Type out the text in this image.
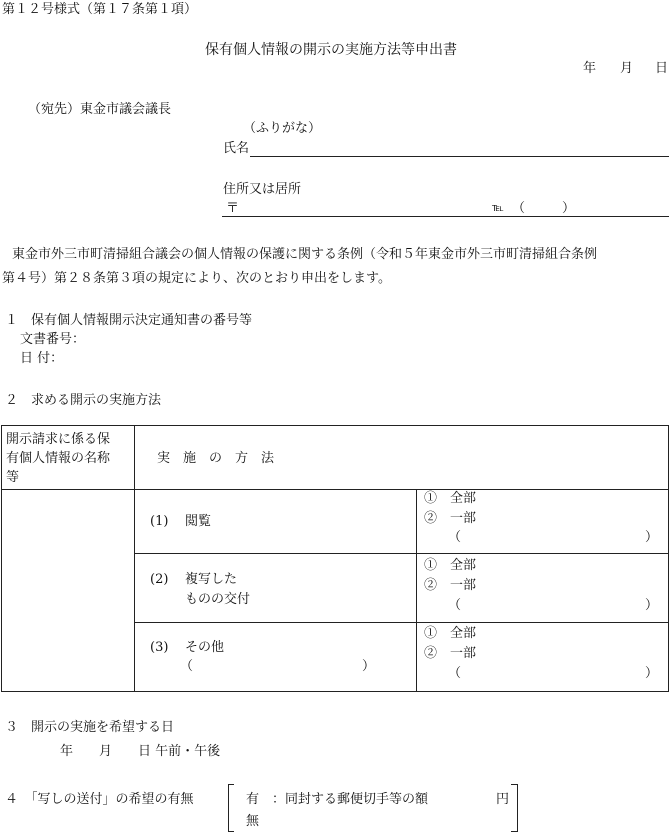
第１２号様式（第１７条第１項）
保有個人情報の開示の実施方法等申出書
年 月 日
（宛先）東金市議会議長
（ふりがな）
氏名
住所又は居所
〒	℡ （	）
東金市外三市町清掃組合議会の個人情報の保護に関する条例（令和５年東金市外三市町清掃組合条例
第４号）第２８条第３項の規定により、次のとおり申出をします。
１　保有個人情報開示決定通知書の番号等
文書番号：
日 付：
２　求める開示の実施方法
開示請求に係る保
有個人情報の名称
等
実　施　の　方　法
(1) 閲覧
①　全部
②　一部
（	）
(2) 複写した
ものの交付
①　全部
②　一部
（	）
(3) その他
（　　　　　　　　　　　　　）
①　全部
②　一部
（	）
３　開示の実施を希望する日
年　　月　　日 午前・午後
４　「写しの送付」の希望の有無	有　：同封する郵便切手等の額	円
無
